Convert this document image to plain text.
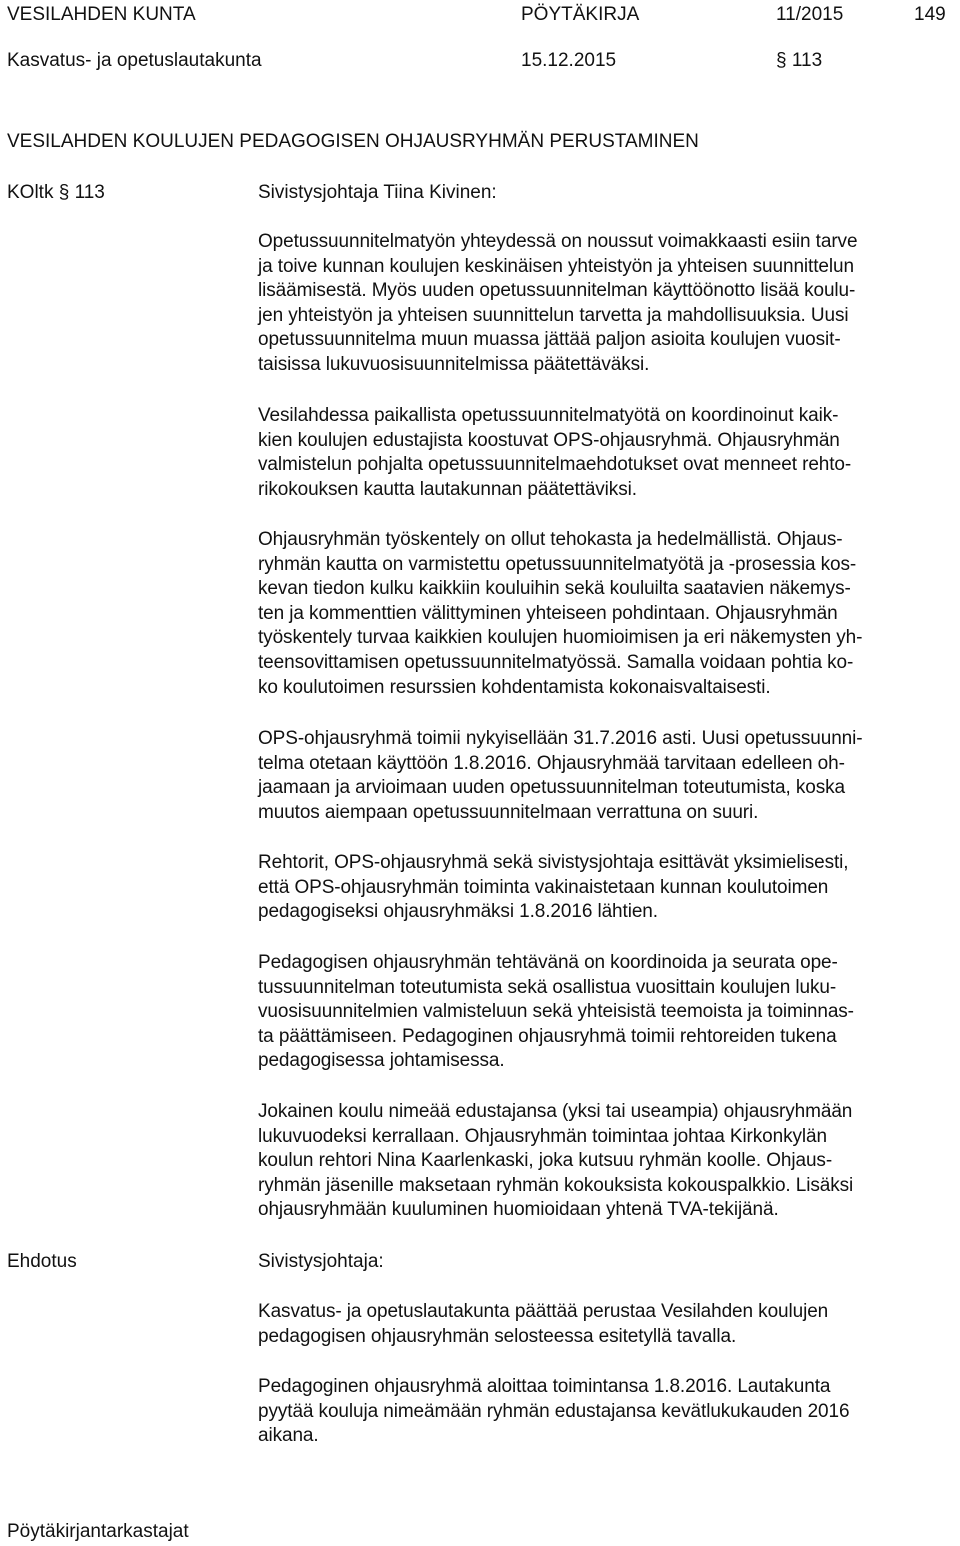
VESILAHDEN KUNTA	PÖYTÄKIRJA	11/2015	149
Kasvatus- ja opetuslautakunta	15.12.2015	§ 113
VESILAHDEN KOULUJEN PEDAGOGISEN OHJAUSRYHMÄN PERUSTAMINEN
KOltk § 113	Sivistysjohtaja Tiina Kivinen:
Opetussuunnitelmatyön yhteydessä on noussut voimakkaasti esiin tarve
ja toive kunnan koulujen keskinäisen yhteistyön ja yhteisen suunnittelun
lisäämisestä. Myös uuden opetussuunnitelman käyttöönotto lisää koulu-
jen yhteistyön ja yhteisen suunnittelun tarvetta ja mahdollisuuksia. Uusi
opetussuunnitelma muun muassa jättää paljon asioita koulujen vuosit-
taisissa lukuvuosisuunnitelmissa päätettäväksi.
Vesilahdessa paikallista opetussuunnitelmatyötä on koordinoinut kaik-
kien koulujen edustajista koostuvat OPS-ohjausryhmä. Ohjausryhmän
valmistelun pohjalta opetussuunnitelmaehdotukset ovat menneet rehto-
rikokouksen kautta lautakunnan päätettäviksi.
Ohjausryhmän työskentely on ollut tehokasta ja hedelmällistä. Ohjaus-
ryhmän kautta on varmistettu opetussuunnitelmatyötä ja -prosessia kos-
kevan tiedon kulku kaikkiin kouluihin sekä kouluilta saatavien näkemys-
ten ja kommenttien välittyminen yhteiseen pohdintaan. Ohjausryhmän
työskentely turvaa kaikkien koulujen huomioimisen ja eri näkemysten yh-
teensovittamisen opetussuunnitelmatyössä. Samalla voidaan pohtia ko-
ko koulutoimen resurssien kohdentamista kokonaisvaltaisesti.
OPS-ohjausryhmä toimii nykyisellään 31.7.2016 asti. Uusi opetussuunni-
telma otetaan käyttöön 1.8.2016. Ohjausryhmää tarvitaan edelleen oh-
jaamaan ja arvioimaan uuden opetussuunnitelman toteutumista, koska
muutos aiempaan opetussuunnitelmaan verrattuna on suuri.
Rehtorit, OPS-ohjausryhmä sekä sivistysjohtaja esittävät yksimielisesti,
että OPS-ohjausryhmän toiminta vakinaistetaan kunnan koulutoimen
pedagogiseksi ohjausryhmäksi 1.8.2016 lähtien.
Pedagogisen ohjausryhmän tehtävänä on koordinoida ja seurata ope-
tussuunnitelman toteutumista sekä osallistua vuosittain koulujen luku-
vuosisuunnitelmien valmisteluun sekä yhteisistä teemoista ja toiminnas-
ta päättämiseen. Pedagoginen ohjausryhmä toimii rehtoreiden tukena
pedagogisessa johtamisessa.
Jokainen koulu nimeää edustajansa (yksi tai useampia) ohjausryhmään
lukuvuodeksi kerrallaan. Ohjausryhmän toimintaa johtaa Kirkonkylän
koulun rehtori Nina Kaarlenkaski, joka kutsuu ryhmän koolle. Ohjaus-
ryhmän jäsenille maksetaan ryhmän kokouksista kokouspalkkio. Lisäksi
ohjausryhmään kuuluminen huomioidaan yhtenä TVA-tekijänä.
Ehdotus	Sivistysjohtaja:
Kasvatus- ja opetuslautakunta päättää perustaa Vesilahden koulujen
pedagogisen ohjausryhmän selosteessa esitetyllä tavalla.
Pedagoginen ohjausryhmä aloittaa toimintansa 1.8.2016. Lautakunta
pyytää kouluja nimeämään ryhmän edustajansa kevätlukukauden 2016
aikana.
Pöytäkirjantarkastajat
